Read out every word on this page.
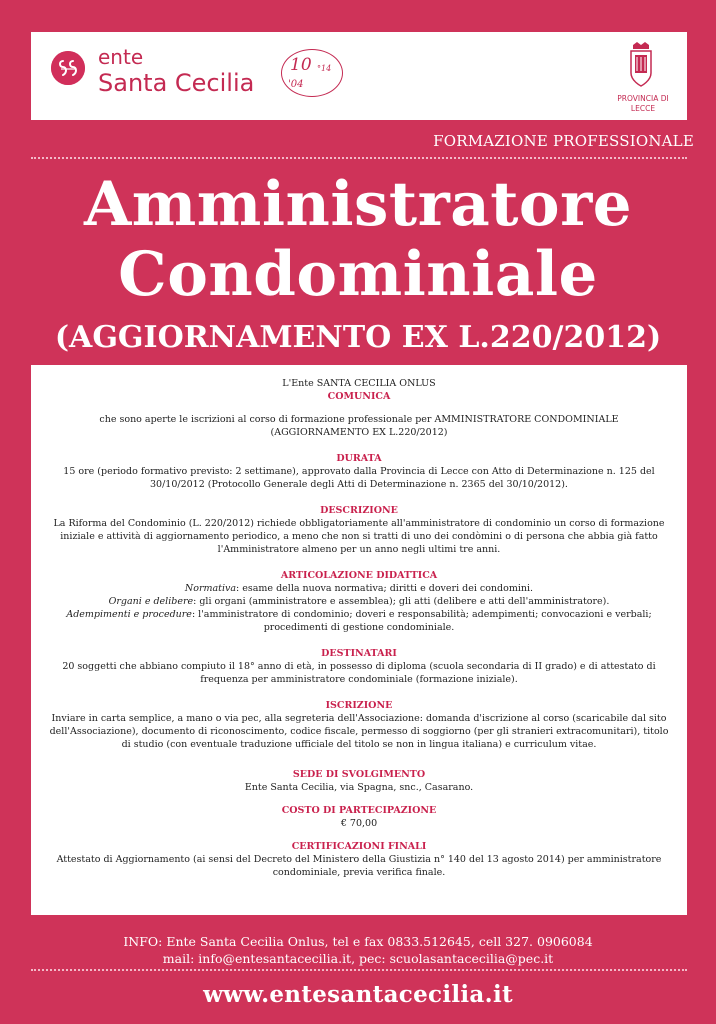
ente
Santa Cecilia
10 °14
'04
PROVINCIA DI LECCE
FORMAZIONE PROFESSIONALE
Amministratore
Condominiale
(AGGIORNAMENTO EX L.220/2012)

L'Ente SANTA CECILIA ONLUS

COMUNICA

che sono aperte le iscrizioni al corso di formazione professionale per AMMINISTRATORE CONDOMINIALE (AGGIORNAMENTO EX L.220/2012)

DURATA

15 ore (periodo formativo previsto: 2 settimane), approvato dalla Provincia di Lecce con Atto di Determinazione n. 125 del 30/10/2012 (Protocollo Generale degli Atti di Determinazione n. 2365 del 30/10/2012).

DESCRIZIONE

La Riforma del Condominio (L. 220/2012) richiede obbligatoriamente all'amministratore di condominio un corso di formazione iniziale e attività di aggiornamento periodico, a meno che non si tratti di uno dei condòmini o di persona che abbia già fatto l'Amministratore almeno per un anno negli ultimi tre anni.

ARTICOLAZIONE DIDATTICA

Normativa: esame della nuova normativa; diritti e doveri dei condomini.

Organi e delibere: gli organi (amministratore e assemblea); gli atti (delibere e atti dell'amministratore).

Adempimenti e procedure: l'amministratore di condominio; doveri e responsabilità; adempimenti; convocazioni e verbali; procedimenti di gestione condominiale.

DESTINATARI

20 soggetti che abbiano compiuto il 18° anno di età, in possesso di diploma (scuola secondaria di II grado) e di attestato di frequenza per amministratore condominiale (formazione iniziale).

ISCRIZIONE

Inviare in carta semplice, a mano o via pec, alla segreteria dell'Associazione: domanda d'iscrizione al corso (scaricabile dal sito dell'Associazione), documento di riconoscimento, codice fiscale, permesso di soggiorno (per gli stranieri extracomunitari), titolo di studio (con eventuale traduzione ufficiale del titolo se non in lingua italiana) e curriculum vitae.

SEDE DI SVOLGIMENTO

Ente Santa Cecilia, via Spagna, snc., Casarano.

COSTO DI PARTECIPAZIONE

€ 70,00

CERTIFICAZIONI FINALI

Attestato di Aggiornamento (ai sensi del Decreto del Ministero della Giustizia n° 140 del 13 agosto 2014) per amministratore condominiale, previa verifica finale.

INFO: Ente Santa Cecilia Onlus, tel e fax 0833.512645, cell 327. 0906084

mail: info@entesantacecilia.it, pec: scuolasantacecilia@pec.it

www.entesantacecilia.it
